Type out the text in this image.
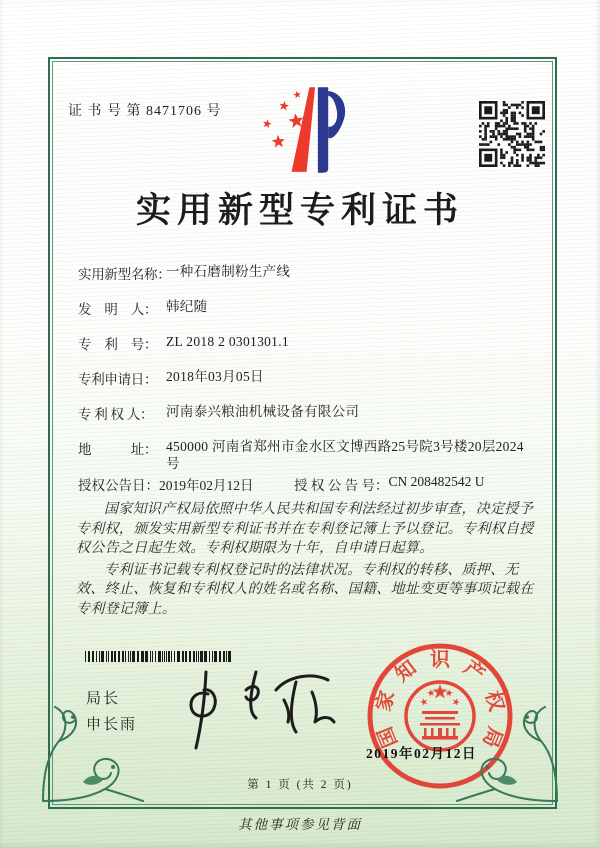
证 书 号 第 8471706 号
实用新型专利证书
实用新型名称：
一种石磨制粉生产线
发　明　人： 韩纪随
专　利　号： ZL 2018 2 0301301.1
专利申请日： 2018年03月05日
专 利 权 人： 河南泰兴粮油机械设备有限公司
地　　　址： 450000 河南省郑州市金水区文博西路25号院3号楼20层2024号
授权公告日： 2019年02月12日	授 权 公 告 号： CN 208482542 U

国家知识产权局依照中华人民共和国专利法经过初步审查，决定授予专利权，颁发实用新型专利证书并在专利登记簿上予以登记。专利权自授权公告之日起生效。专利权期限为十年，自申请日起算。

专利证书记载专利权登记时的法律状况。专利权的转移、质押、无效、终止、恢复和专利权人的姓名或名称、国籍、地址变更等事项记载在专利登记簿上。

局长
申长雨	国
家
知 识 产
权
局
2019年02月12日
第 1 页 (共 2 页)
其他事项参见背面
